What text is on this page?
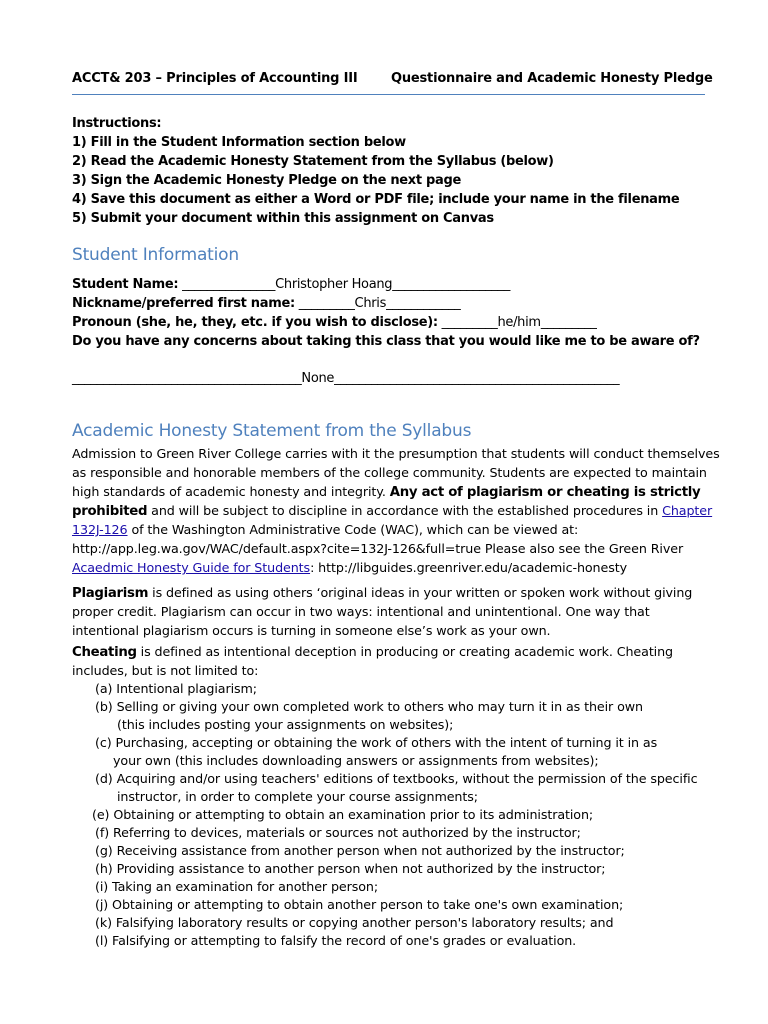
ACCT& 203 – Principles of Accounting III	Questionnaire and Academic Honesty Pledge
Instructions:
1) Fill in the Student Information section below
2) Read the Academic Honesty Statement from the Syllabus (below)
3) Sign the Academic Honesty Pledge on the next page
4) Save this document as either a Word or PDF file; include your name in the filename
5) Submit your document within this assignment on Canvas
Student Information
Student Name: _______________Christopher Hoang___________________
Nickname/preferred first name: _________Chris____________
Pronoun (she, he, they, etc. if you wish to disclose): _________he/him_________
Do you have any concerns about taking this class that you would like me to be aware of?
_____________________________________None______________________________________________
Academic Honesty Statement from the Syllabus
Admission to Green River College carries with it the presumption that students will conduct themselves
as responsible and honorable members of the college community. Students are expected to maintain
high standards of academic honesty and integrity. Any act of plagiarism or cheating is strictly
prohibited and will be subject to discipline in accordance with the established procedures in Chapter
132J-126 of the Washington Administrative Code (WAC), which can be viewed at:
http://app.leg.wa.gov/WAC/default.aspx?cite=132J-126&full=true Please also see the Green River
Acaedmic Honesty Guide for Students: http://libguides.greenriver.edu/academic-honesty
Plagiarism is defined as using others ‘original ideas in your written or spoken work without giving
proper credit. Plagiarism can occur in two ways: intentional and unintentional. One way that
intentional plagiarism occurs is turning in someone else’s work as your own.
Cheating is defined as intentional deception in producing or creating academic work. Cheating
includes, but is not limited to:
(a) Intentional plagiarism;
(b) Selling or giving your own completed work to others who may turn it in as their own
(this includes posting your assignments on websites);
(c) Purchasing, accepting or obtaining the work of others with the intent of turning it in as
your own (this includes downloading answers or assignments from websites);
(d) Acquiring and/or using teachers' editions of textbooks, without the permission of the specific
instructor, in order to complete your course assignments;
(e) Obtaining or attempting to obtain an examination prior to its administration;
(f) Referring to devices, materials or sources not authorized by the instructor;
(g) Receiving assistance from another person when not authorized by the instructor;
(h) Providing assistance to another person when not authorized by the instructor;
(i) Taking an examination for another person;
(j) Obtaining or attempting to obtain another person to take one's own examination;
(k) Falsifying laboratory results or copying another person's laboratory results; and
(l) Falsifying or attempting to falsify the record of one's grades or evaluation.
